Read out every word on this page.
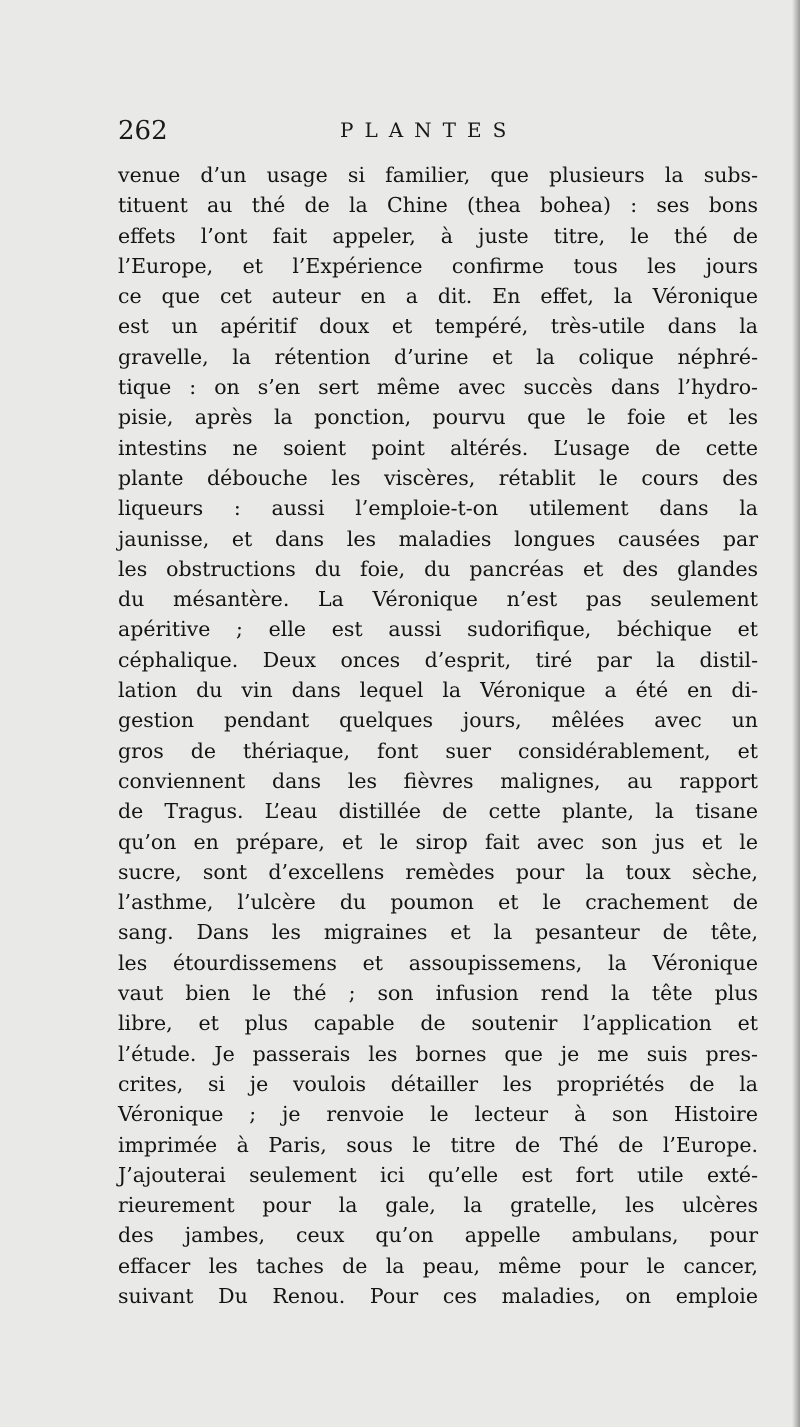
262	PLANTES
venue d’un usage si familier, que plusieurs la subs-
tituent au thé de la Chine (thea bohea) : ses bons
effets l’ont fait appeler, à juste titre, le thé de
l’Europe, et l’Expérience confirme tous les jours
ce que cet auteur en a dit. En effet, la Véronique
est un apéritif doux et tempéré, très-utile dans la
gravelle, la rétention d’urine et la colique néphré-
tique : on s’en sert même avec succès dans l’hydro-
pisie, après la ponction, pourvu que le foie et les
intestins ne soient point altérés. L’usage de cette
plante débouche les viscères, rétablit le cours des
liqueurs : aussi l’emploie-t-on utilement dans la
jaunisse, et dans les maladies longues causées par
les obstructions du foie, du pancréas et des glandes
du mésantère. La Véronique n’est pas seulement
apéritive ; elle est aussi sudorifique, béchique et
céphalique. Deux onces d’esprit, tiré par la distil-
lation du vin dans lequel la Véronique a été en di-
gestion pendant quelques jours, mêlées avec un
gros de thériaque, font suer considérablement, et
conviennent dans les fièvres malignes, au rapport
de Tragus. L’eau distillée de cette plante, la tisane
qu’on en prépare, et le sirop fait avec son jus et le
sucre, sont d’excellens remèdes pour la toux sèche,
l’asthme, l’ulcère du poumon et le crachement de
sang. Dans les migraines et la pesanteur de tête,
les étourdissemens et assoupissemens, la Véronique
vaut bien le thé ; son infusion rend la tête plus
libre, et plus capable de soutenir l’application et
l’étude. Je passerais les bornes que je me suis pres-
crites, si je voulois détailler les propriétés de la
Véronique ; je renvoie le lecteur à son Histoire
imprimée à Paris, sous le titre de Thé de l’Europe.
J’ajouterai seulement ici qu’elle est fort utile exté-
rieurement pour la gale, la gratelle, les ulcères
des jambes, ceux qu’on appelle ambulans, pour
effacer les taches de la peau, même pour le cancer,
suivant Du Renou. Pour ces maladies, on emploie
